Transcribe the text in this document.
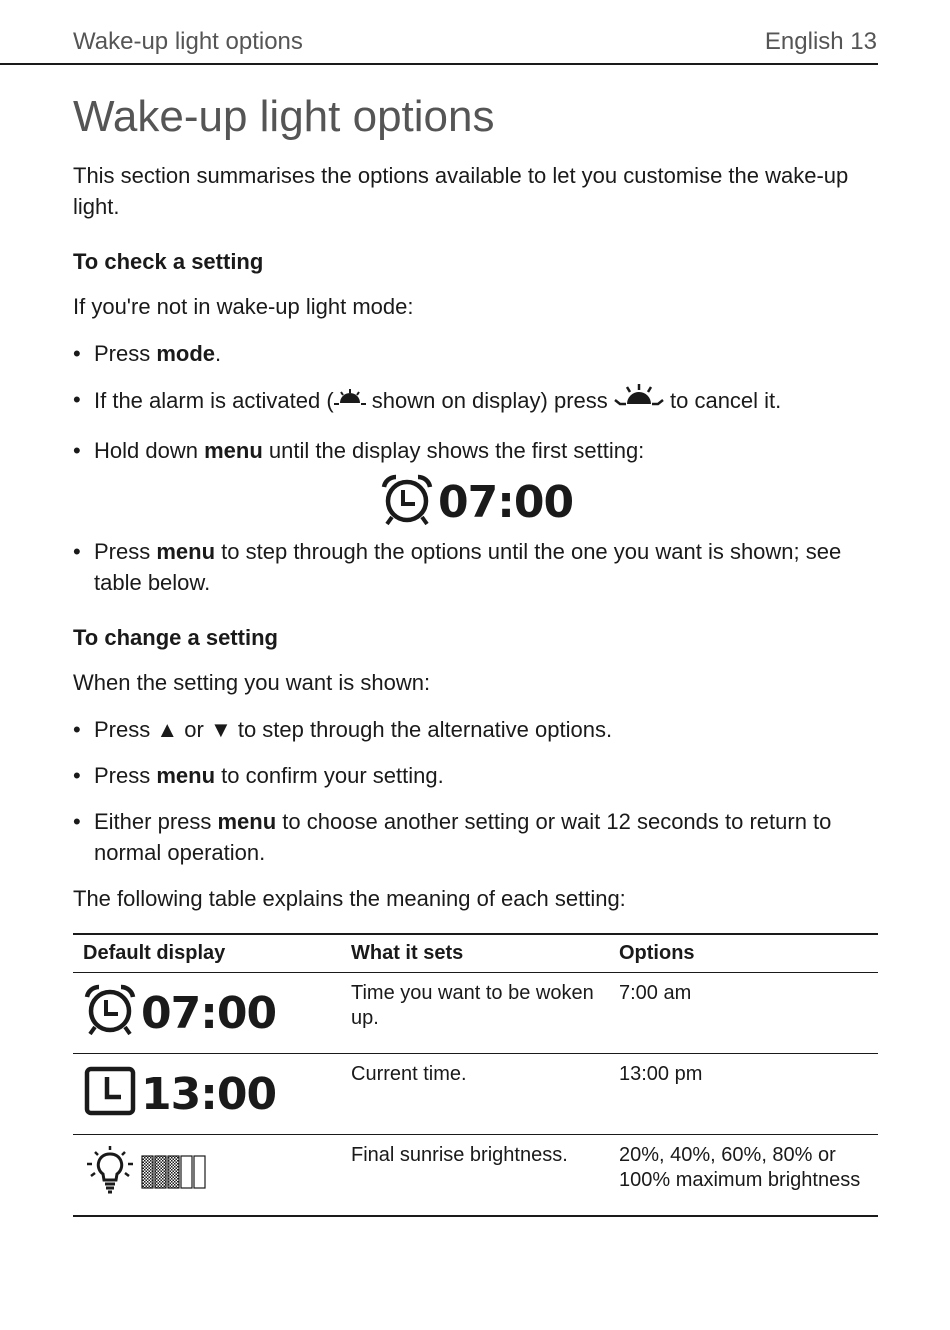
Wake-up light options	English 13
Wake-up light options

This section summarises the options available to let you customise the wake-up light.

To check a setting

If you're not in wake-up light mode:

• Press mode.
• If the alarm is activated ( shown on display) press  to cancel it.
• Hold down menu until the display shows the first setting:
07:00
• Press menu to step through the options until the one you want is shown; see table below.
To change a setting

When the setting you want is shown:

• Press ▲ or ▼ to step through the alternative options.
• Press menu to confirm your setting.
• Either press menu to choose another setting or wait 12 seconds to return to normal operation.

The following table explains the meaning of each setting:

Default display	What it sets	Options

07:00	Time you want to be woken up.	7:00 am

13:00	Current time.	13:00 pm

	Final sunrise brightness.	20%, 40%, 60%, 80% or 100% maximum brightness
